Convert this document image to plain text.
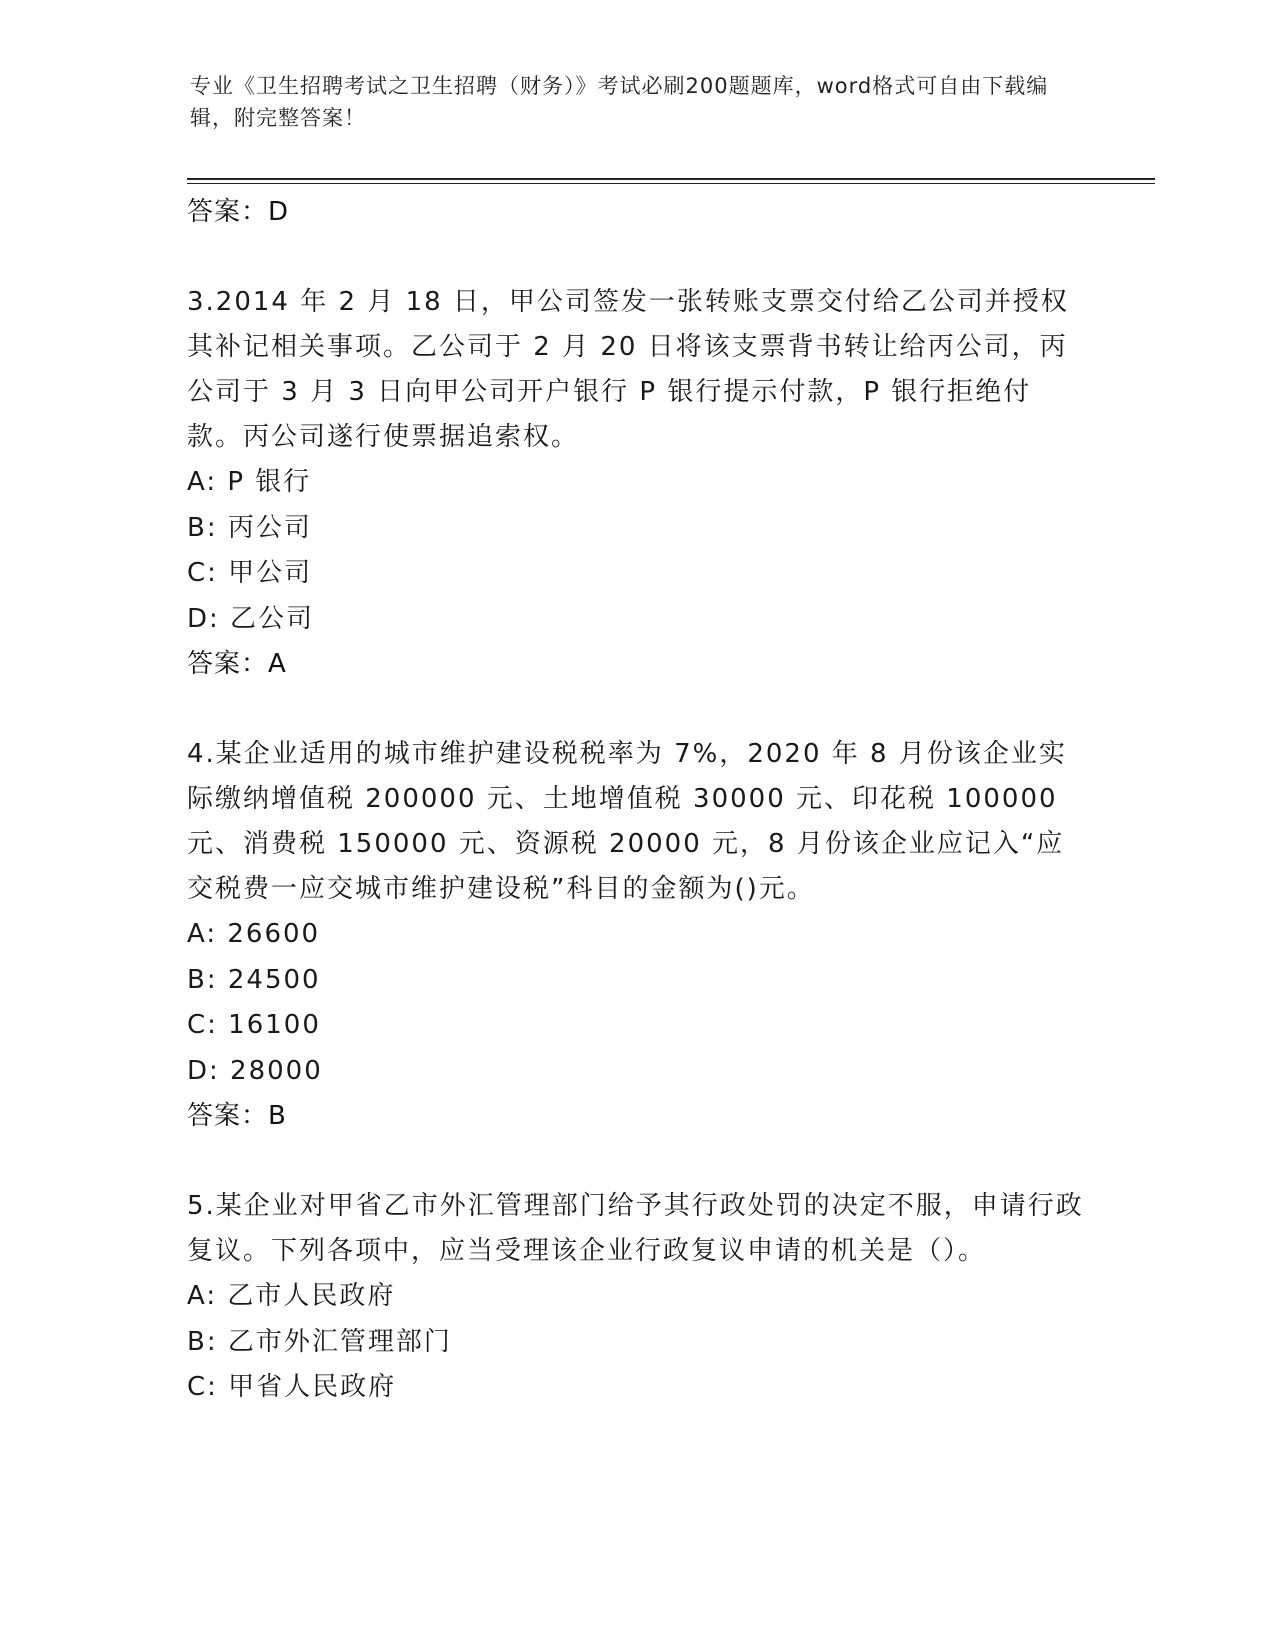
专业《卫生招聘考试之卫生招聘（财务）》考试必刷200题题库，word格式可自由下载编辑，附完整答案！

答案：D

3.2014 年 2 月 18 日，甲公司签发一张转账支票交付给乙公司并授权其补记相关事项。乙公司于 2 月 20 日将该支票背书转让给丙公司，丙公司于 3 月 3 日向甲公司开户银行 P 银行提示付款，P 银行拒绝付款。丙公司遂行使票据追索权。

A: P 银行

B: 丙公司

C: 甲公司

D: 乙公司

答案：A

4.某企业适用的城市维护建设税税率为 7%，2020 年 8 月份该企业实际缴纳增值税 200000 元、土地增值税 30000 元、印花税 100000 元、消费税 150000 元、资源税 20000 元，8 月份该企业应记入“应交税费一应交城市维护建设税”科目的金额为()元。

A: 26600

B: 24500

C: 16100

D: 28000

答案：B

5.某企业对甲省乙市外汇管理部门给予其行政处罚的决定不服，申请行政复议。下列各项中，应当受理该企业行政复议申请的机关是（）。

A: 乙市人民政府

B: 乙市外汇管理部门

C: 甲省人民政府
